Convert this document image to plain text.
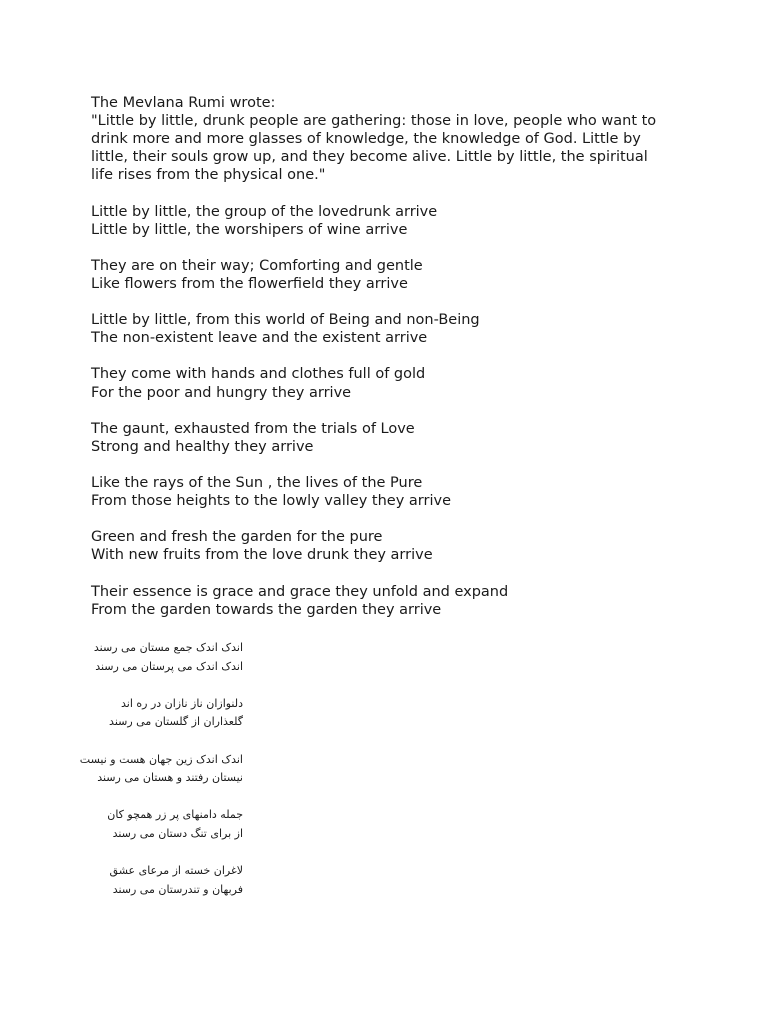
The Mevlana Rumi wrote:
"Little by little, drunk people are gathering: those in love, people who want to
drink more and more glasses of knowledge, the knowledge of God. Little by
little, their souls grow up, and they become alive. Little by little, the spiritual
life rises from the physical one."
Little by little, the group of the lovedrunk arrive
Little by little, the worshipers of wine arrive
They are on their way; Comforting and gentle
Like flowers from the flowerfield they arrive
Little by little, from this world of Being and non-Being
The non-existent leave and the existent arrive
They come with hands and clothes full of gold
For the poor and hungry they arrive
The gaunt, exhausted from the trials of Love
Strong and healthy they arrive
Like the rays of the Sun , the lives of the Pure
From those heights to the lowly valley they arrive
Green and fresh the garden for the pure
With new fruits from the love drunk they arrive
Their essence is grace and grace they unfold and expand
From the garden towards the garden they arrive
اندک اندک جمع مستان می رسند
اندک اندک می پرستان می رسند
دلنوازان ناز نازان در ره اند
گلعذاران از گلستان می رسند
اندک اندک زین جهان هست و نیست
نیستان رفتند و هستان می رسند
جمله دامنهای پر زر همچو کان
از برای تنگ دستان می رسند
لاغران خسته از مرعای عشق
فربهان و تندرستان می رسند
